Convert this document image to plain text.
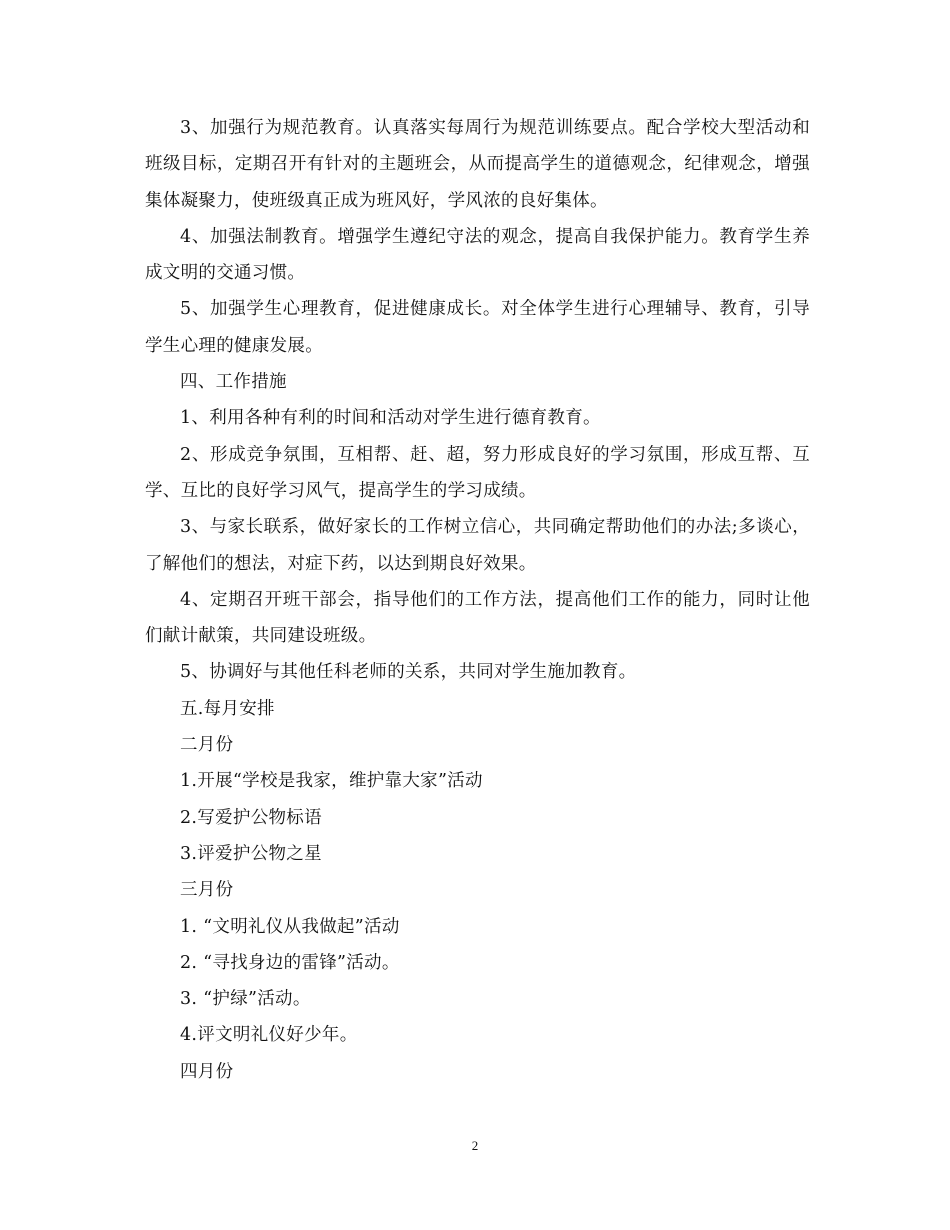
3、加强行为规范教育。认真落实每周行为规范训练要点。配合学校大型活动和班级目标，定期召开有针对的主题班会，从而提高学生的道德观念，纪律观念，增强集体凝聚力，使班级真正成为班风好，学风浓的良好集体。

4、加强法制教育。增强学生遵纪守法的观念，提高自我保护能力。教育学生养成文明的交通习惯。

5、加强学生心理教育，促进健康成长。对全体学生进行心理辅导、教育，引导学生心理的健康发展。

四、工作措施

1、利用各种有利的时间和活动对学生进行德育教育。

2、形成竞争氛围，互相帮、赶、超，努力形成良好的学习氛围，形成互帮、互学、互比的良好学习风气，提高学生的学习成绩。

3、与家长联系，做好家长的工作树立信心，共同确定帮助他们的办法;多谈心，了解他们的想法，对症下药，以达到期良好效果。

4、定期召开班干部会，指导他们的工作方法，提高他们工作的能力，同时让他们献计献策，共同建设班级。

5、协调好与其他任科老师的关系，共同对学生施加教育。

五.每月安排

二月份

1.开展“学校是我家，维护靠大家”活动

2.写爱护公物标语

3.评爱护公物之星

三月份

1. “文明礼仪从我做起”活动

2. “寻找身边的雷锋”活动。

3. “护绿”活动。

4.评文明礼仪好少年。

四月份

2
